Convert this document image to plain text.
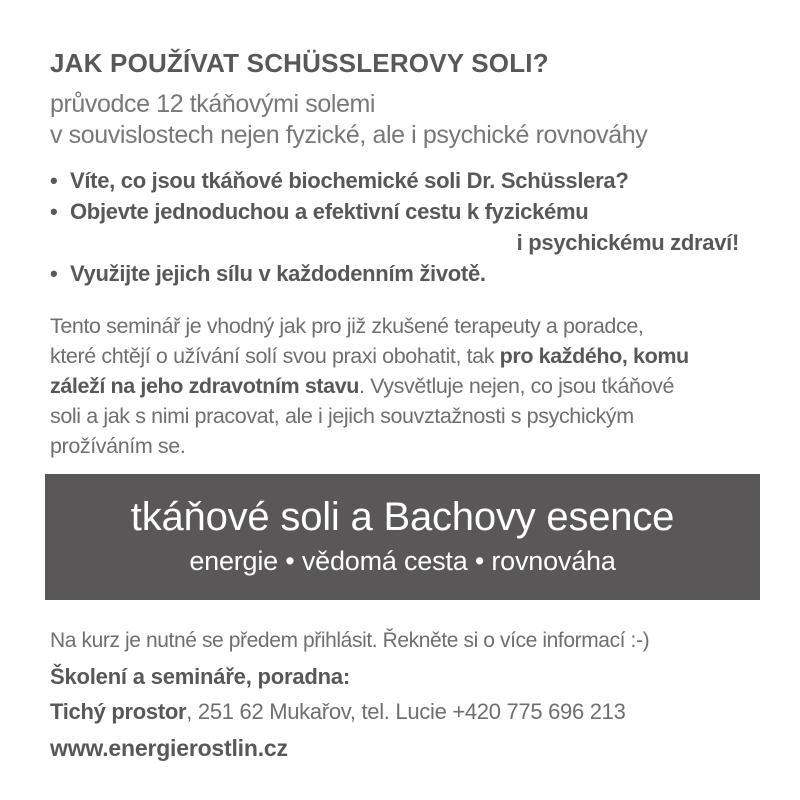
JAK POUŽÍVAT SCHÜSSLEROVY SOLI?
průvodce 12 tkáňovými solemi
v souvislostech nejen fyzické, ale i psychické rovnováhy
• Víte, co jsou tkáňové biochemické soli Dr. Schüsslera?
• Objevte jednoduchou a efektivní cestu k fyzickému
i psychickému zdraví!
• Využijte jejich sílu v každodenním životě.
Tento seminář je vhodný jak pro již zkušené terapeuty a poradce,
které chtějí o užívání solí svou praxi obohatit, tak pro každého, komu
záleží na jeho zdravotním stavu. Vysvětluje nejen, co jsou tkáňové
soli a jak s nimi pracovat, ale i jejich souvztažnosti s psychickým
prožíváním se.
tkáňové soli a Bachovy esence
energie • vědomá cesta • rovnováha
Na kurz je nutné se předem přihlásit. Řekněte si o více informací :-)
Školení a semináře, poradna:
Tichý prostor, 251 62 Mukařov, tel. Lucie +420 775 696 213
www.energierostlin.cz
